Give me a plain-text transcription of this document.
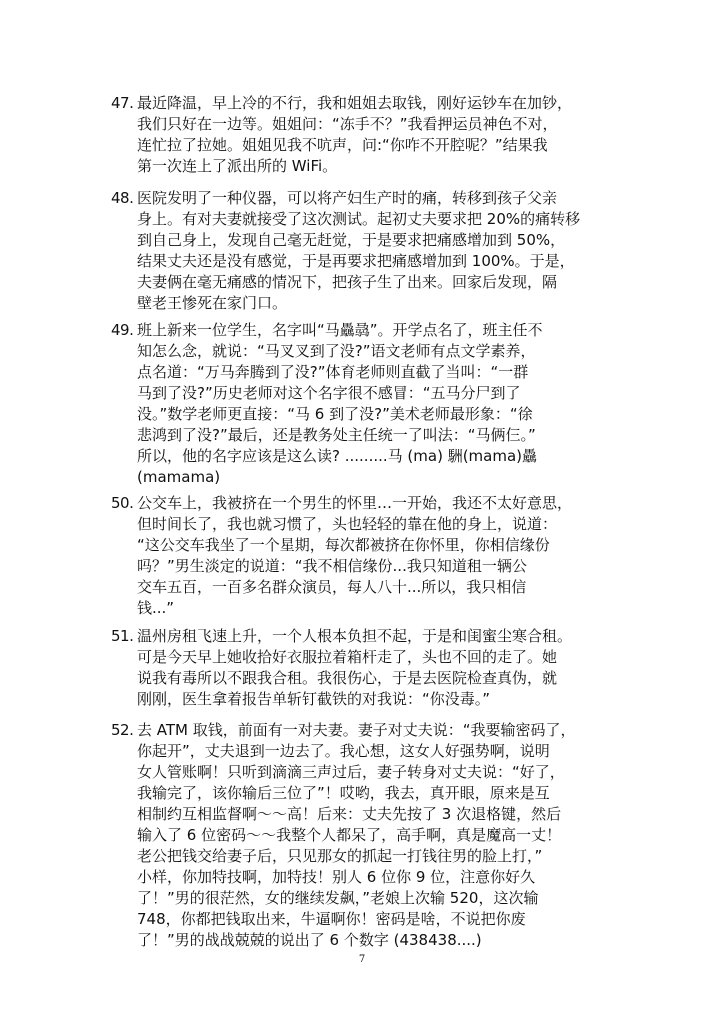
47. 最近降温，早上冷的不行，我和姐姐去取钱，刚好运钞车在加钞，
我们只好在一边等。姐姐问：“冻手不？”我看押运员神色不对，
连忙拉了拉她。姐姐见我不吭声，问:“你咋不开腔呢？”结果我
第一次连上了派出所的 WiFi。
48. 医院发明了一种仪器，可以将产妇生产时的痛，转移到孩子父亲
身上。有对夫妻就接受了这次测试。起初丈夫要求把 20%的痛转移
到自己身上，发现自己毫无赶觉，于是要求把痛感增加到 50%，
结果丈夫还是没有感觉，于是再要求把痛感增加到 100%。于是，
夫妻俩在毫无痛感的情况下，把孩子生了出来。回家后发现，隔
壁老王惨死在家门口。
49. 班上新来一位学生，名字叫“马驫骉”。开学点名了，班主任不
知怎么念，就说：“马叉叉到了没?”语文老师有点文学素养，
点名道：“万马奔腾到了没?”体育老师则直截了当叫：“一群
马到了没?”历史老师对这个名字很不感冒：“五马分尸到了
没。”数学老师更直接：“马 6 到了没?”美术老师最形象：“徐
悲鸿到了没?”最后，还是教务处主任统一了叫法：“马俩仨。”
所以，他的名字应该是这么读? .........马 (ma) 駲(mama)驫
(mamama)
50. 公交车上，我被挤在一个男生的怀里…一开始，我还不太好意思，
但时间长了，我也就习惯了，头也轻轻的靠在他的身上，说道：
“这公交车我坐了一个星期，每次都被挤在你怀里，你相信缘份
吗？”男生淡定的说道：“我不相信缘份...我只知道租一辆公
交车五百，一百多名群众演员，每人八十...所以，我只相信
钱...”
51. 温州房租飞速上升，一个人根本负担不起，于是和闺蜜尘寒合租。
可是今天早上她收拾好衣服拉着箱杆走了，头也不回的走了。她
说我有毒所以不跟我合租。我很伤心，于是去医院检查真伪，就
刚刚，医生拿着报告单斩钉截铁的对我说：“你没毒。”
52. 去 ATM 取钱，前面有一对夫妻。妻子对丈夫说：“我要输密码了，
你起开”，丈夫退到一边去了。我心想，这女人好强势啊，说明
女人管账啊！只听到滴滴三声过后，妻子转身对丈夫说：“好了，
我输完了，该你输后三位了”！哎哟，我去，真开眼，原来是互
相制约互相监督啊～～高！后来：丈夫先按了 3 次退格键，然后
输入了 6 位密码～～我整个人都呆了，高手啊，真是魔高一丈！
老公把钱交给妻子后，只见那女的抓起一打钱往男的脸上打，”
小样，你加特技啊，加特技！别人 6 位你 9 位，注意你好久
了！”男的很茫然，女的继续发飙，”老娘上次输 520，这次输
748，你都把钱取出来，牛逼啊你！密码是啥，不说把你废
了！”男的战战兢兢的说出了 6 个数字 (438438....)
7
